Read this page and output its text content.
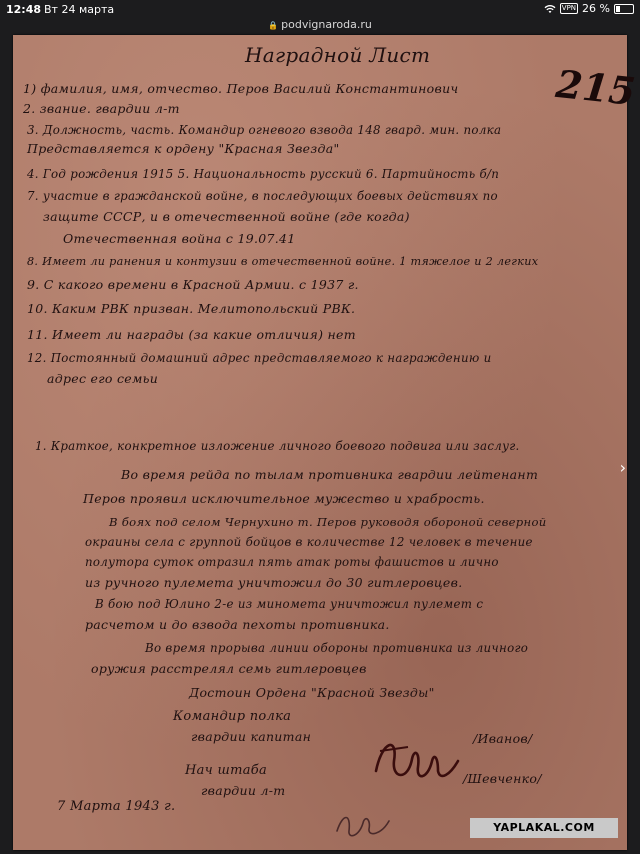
12:48 Вт 24 марта	VPN 26 %
🔒 podvignaroda.ru
Наградной Лист
215
1) фамилия, имя, отчество. Перов Василий Константинович
2. звание. гвардии л-т
3. Должность, часть. Командир огневого взвода 148 гвард. мин. полка
Представляется к ордену "Красная Звезда"
4. Год рождения 1915 5. Национальность русский 6. Партийность б/п
7. участие в гражданской войне, в последующих боевых действиях по
защите СССР, и в отечественной войне (где когда)
Отечественная война с 19.07.41
8. Имеет ли ранения и контузии в отечественной войне. 1 тяжелое и 2 легких
9. С какого времени в Красной Армии. с 1937 г.
10. Каким РВК призван. Мелитопольский РВК.
11. Имеет ли награды (за какие отличия) нет
12. Постоянный домашний адрес представляемого к награждению и
адрес его семьи
1. Краткое, конкретное изложение личного боевого подвига или заслуг.
Во время рейда по тылам противника гвардии лейтенант
Перов проявил исключительное мужество и храбрость.
В боях под селом Чернухино т. Перов руководя обороной северной
окраины села с группой бойцов в количестве 12 человек в течение
полутора суток отразил пять атак роты фашистов и лично
из ручного пулемета уничтожил до 30 гитлеровцев.
В бою под Юлино 2-е из миномета уничтожил пулемет с
расчетом и до взвода пехоты противника.
Во время прорыва линии обороны противника из личного
оружия расстрелял семь гитлеровцев
Достоин Ордена "Красной Звезды"
Командир полка
гвардии капитан	/Иванов/
Нач штаба
гвардии л-т
/Шевченко/
7 Марта 1943 г.
›
YAPLAKAL.COM
